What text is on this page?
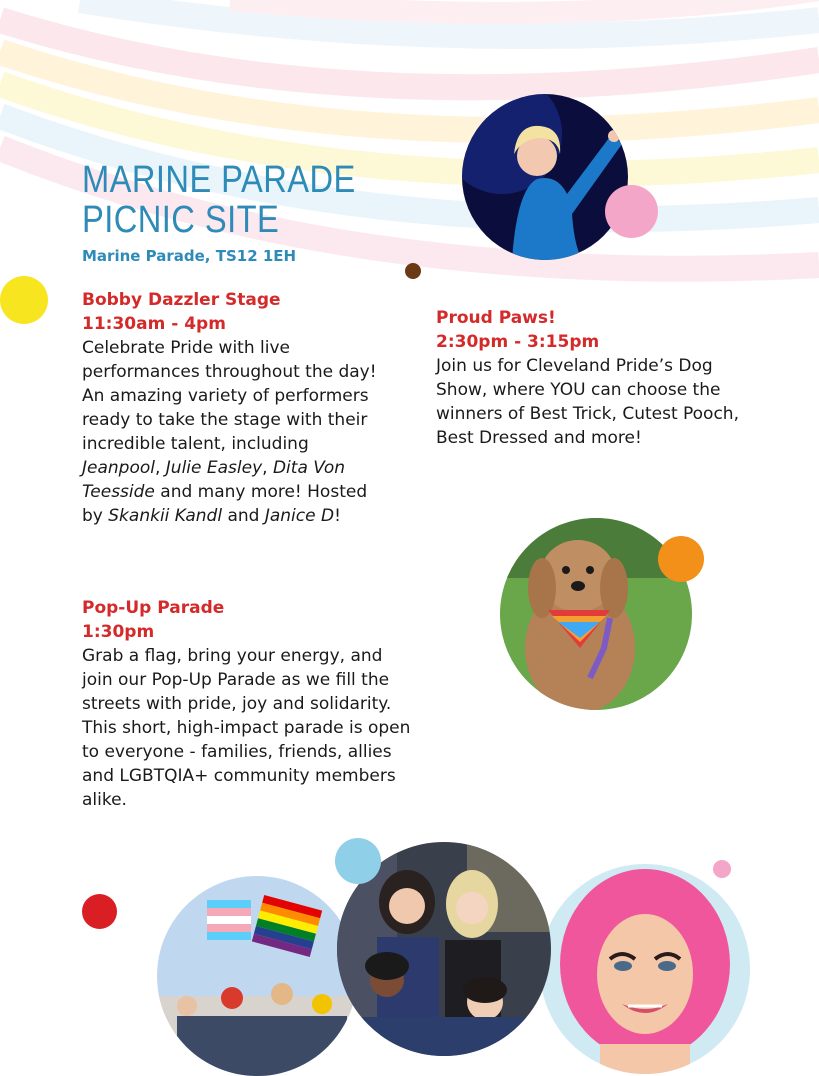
MARINE PARADE
PICNIC SITE
Marine Parade, TS12 1EH
Bobby Dazzler Stage
11:30am - 4pm

Celebrate Pride with live performances throughout the day! An amazing variety of performers ready to take the stage with their incredible talent, including Jeanpool, Julie Easley, Dita Von Teesside and many more! Hosted by Skankii Kandl and Janice D!

Proud Paws!
2:30pm - 3:15pm

Join us for Cleveland Pride’s Dog Show, where YOU can choose the winners of Best Trick, Cutest Pooch, Best Dressed and more!

Pop-Up Parade
1:30pm

Grab a flag, bring your energy, and join our Pop-Up Parade as we fill the streets with pride, joy and solidarity. This short, high-impact parade is open to everyone - families, friends, allies and LGBTQIA+ community members alike.
